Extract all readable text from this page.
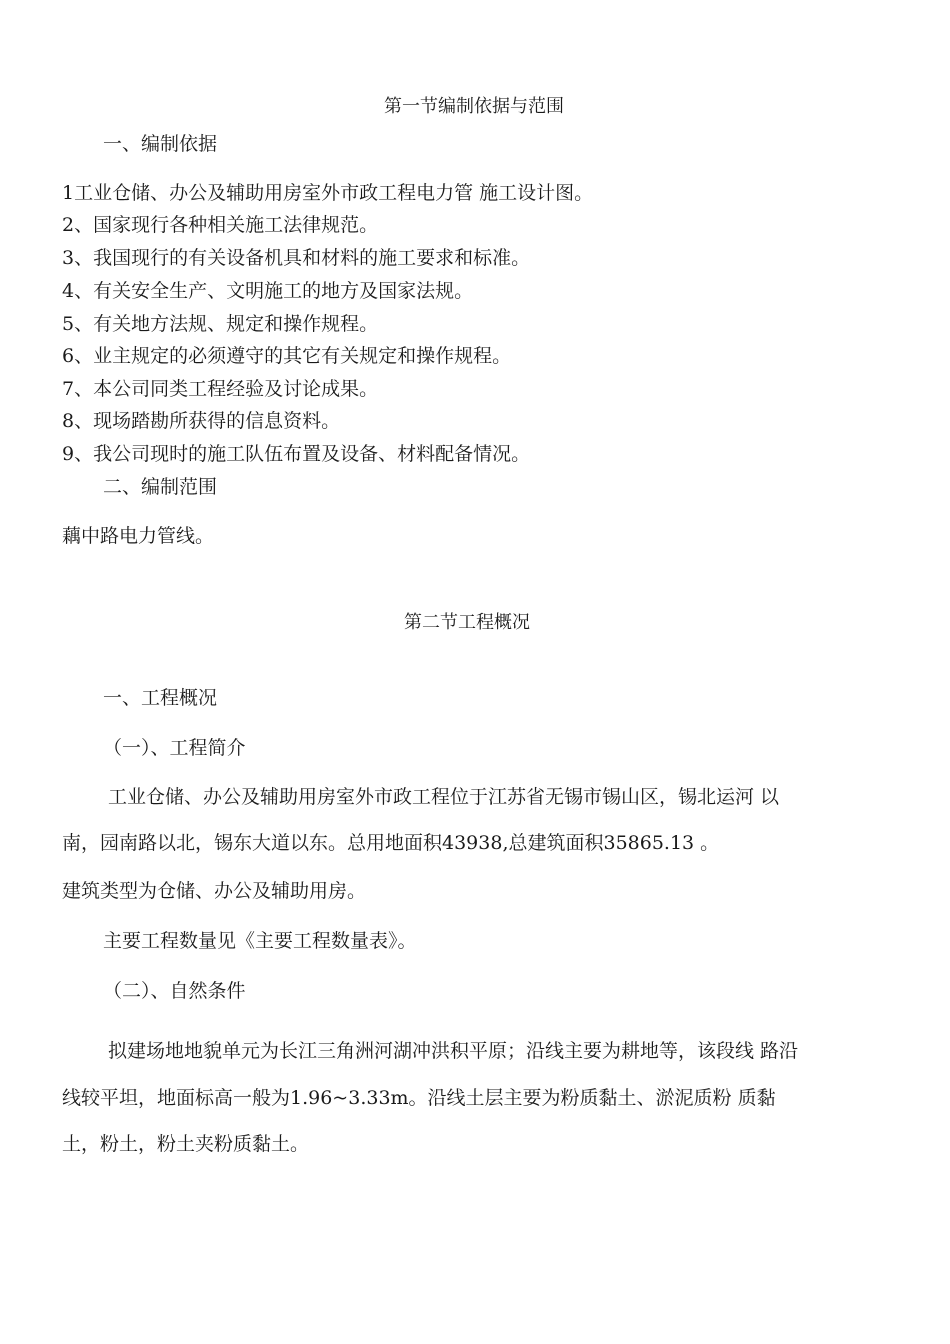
第一节编制依据与范围
一、编制依据
1工业仓储、办公及辅助用房室外市政工程电力管 施工设计图。
2、国家现行各种相关施工法律规范。
3、我国现行的有关设备机具和材料的施工要求和标准。
4、有关安全生产、文明施工的地方及国家法规。
5、有关地方法规、规定和操作规程。
6、业主规定的必须遵守的其它有关规定和操作规程。
7、本公司同类工程经验及讨论成果。
8、现场踏勘所获得的信息资料。
9、我公司现时的施工队伍布置及设备、材料配备情况。
二、编制范围
藕中路电力管线。
第二节工程概况
一、工程概况
（一）、工程简介
工业仓储、办公及辅助用房室外市政工程位于江苏省无锡市锡山区，锡北运河 以
南，园南路以北，锡东大道以东。总用地面积43938,总建筑面积35865.13 。
建筑类型为仓储、办公及辅助用房。
主要工程数量见《主要工程数量表》。
（二）、自然条件
拟建场地地貌单元为长江三角洲河湖冲洪积平原；沿线主要为耕地等，该段线 路沿
线较平坦，地面标高一般为1.96~3.33m。沿线土层主要为粉质黏土、淤泥质粉 质黏
土，粉土，粉土夹粉质黏土。
